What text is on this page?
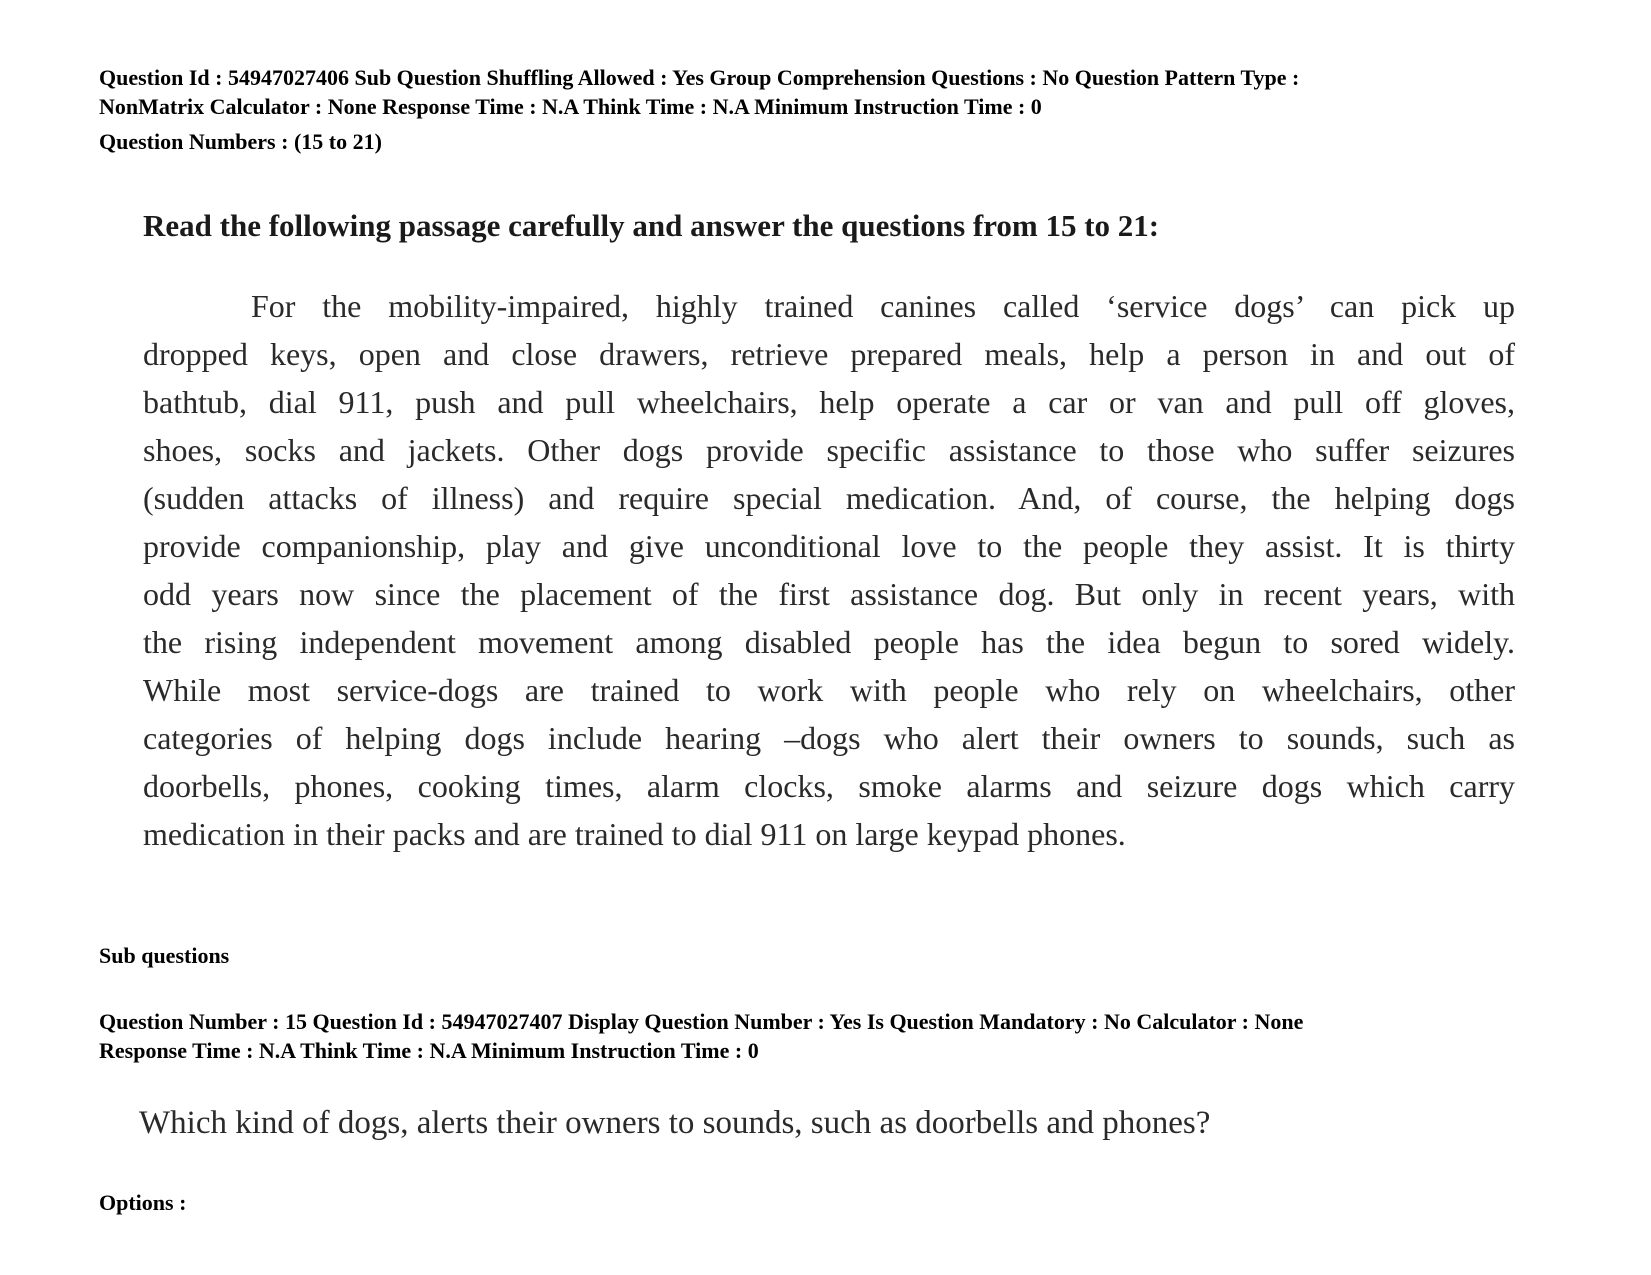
Question Id : 54947027406 Sub Question Shuffling Allowed : Yes Group Comprehension Questions : No Question Pattern Type :
NonMatrix Calculator : None Response Time : N.A Think Time : N.A Minimum Instruction Time : 0
Question Numbers : (15 to 21)
Read the following passage carefully and answer the questions from 15 to 21:
For the mobility-impaired, highly trained canines called ‘service dogs’ can pick up
dropped keys, open and close drawers, retrieve prepared meals, help a person in and out of
bathtub, dial 911, push and pull wheelchairs, help operate a car or van and pull off gloves,
shoes, socks and jackets. Other dogs provide specific assistance to those who suffer seizures
(sudden attacks of illness) and require special medication. And, of course, the helping dogs
provide companionship, play and give unconditional love to the people they assist. It is thirty
odd years now since the placement of the first assistance dog. But only in recent years, with
the rising independent movement among disabled people has the idea begun to sored widely.
While most service-dogs are trained to work with people who rely on wheelchairs, other
categories of helping dogs include hearing –dogs who alert their owners to sounds, such as
doorbells, phones, cooking times, alarm clocks, smoke alarms and seizure dogs which carry
medication in their packs and are trained to dial 911 on large keypad phones.
Sub questions
Question Number : 15 Question Id : 54947027407 Display Question Number : Yes Is Question Mandatory : No Calculator : None
Response Time : N.A Think Time : N.A Minimum Instruction Time : 0
Which kind of dogs, alerts their owners to sounds, such as doorbells and phones?
Options :
